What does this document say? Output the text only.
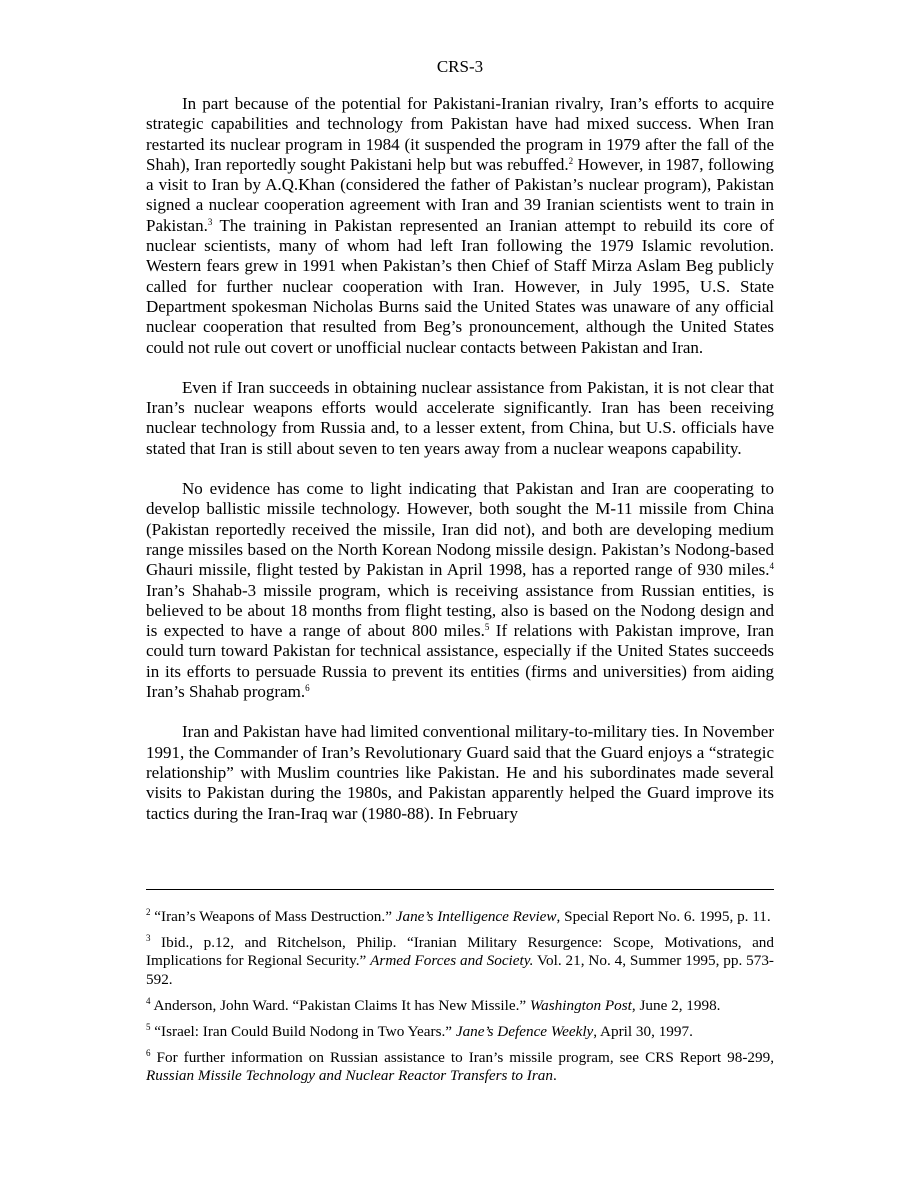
CRS-3

In part because of the potential for Pakistani-Iranian rivalry, Iran’s efforts to acquire strategic capabilities and technology from Pakistan have had mixed success. When Iran restarted its nuclear program in 1984 (it suspended the program in 1979 after the fall of the Shah), Iran reportedly sought Pakistani help but was rebuffed.$^2$ However, in 1987, following a visit to Iran by A.Q.Khan (considered the father of Pakistan’s nuclear program), Pakistan signed a nuclear cooperation agreement with Iran and 39 Iranian scientists went to train in Pakistan.$^3$ The training in Pakistan represented an Iranian attempt to rebuild its core of nuclear scientists, many of whom had left Iran following the 1979 Islamic revolution. Western fears grew in 1991 when Pakistan’s then Chief of Staff Mirza Aslam Beg publicly called for further nuclear cooperation with Iran. However, in July 1995, U.S. State Department spokesman Nicholas Burns said the United States was unaware of any official nuclear cooperation that resulted from Beg’s pronouncement, although the United States could not rule out covert or unofficial nuclear contacts between Pakistan and Iran.

Even if Iran succeeds in obtaining nuclear assistance from Pakistan, it is not clear that Iran’s nuclear weapons efforts would accelerate significantly. Iran has been receiving nuclear technology from Russia and, to a lesser extent, from China, but U.S. officials have stated that Iran is still about seven to ten years away from a nuclear weapons capability.

No evidence has come to light indicating that Pakistan and Iran are cooperating to develop ballistic missile technology. However, both sought the M-11 missile from China (Pakistan reportedly received the missile, Iran did not), and both are developing medium range missiles based on the North Korean Nodong missile design. Pakistan’s Nodong-based Ghauri missile, flight tested by Pakistan in April 1998, has a reported range of 930 miles.$^4$ Iran’s Shahab-3 missile program, which is receiving assistance from Russian entities, is believed to be about 18 months from flight testing, also is based on the Nodong design and is expected to have a range of about 800 miles.$^5$ If relations with Pakistan improve, Iran could turn toward Pakistan for technical assistance, especially if the United States succeeds in its efforts to persuade Russia to prevent its entities (firms and universities) from aiding Iran’s Shahab program.$^6$

Iran and Pakistan have had limited conventional military-to-military ties. In November 1991, the Commander of Iran’s Revolutionary Guard said that the Guard enjoys a “strategic relationship” with Muslim countries like Pakistan. He and his subordinates made several visits to Pakistan during the 1980s, and Pakistan apparently helped the Guard improve its tactics during the Iran-Iraq war (1980-88). In February

$^2$ “Iran’s Weapons of Mass Destruction.” Jane’s Intelligence Review, Special Report No. 6. 1995, p. 11.

$^3$ Ibid., p.12, and Ritchelson, Philip. “Iranian Military Resurgence: Scope, Motivations, and Implications for Regional Security.” Armed Forces and Society. Vol. 21, No. 4, Summer 1995, pp. 573-592.

$^4$ Anderson, John Ward. “Pakistan Claims It has New Missile.” Washington Post, June 2, 1998.

$^5$ “Israel: Iran Could Build Nodong in Two Years.” Jane’s Defence Weekly, April 30, 1997.

$^6$ For further information on Russian assistance to Iran’s missile program, see CRS Report 98-299, Russian Missile Technology and Nuclear Reactor Transfers to Iran.
